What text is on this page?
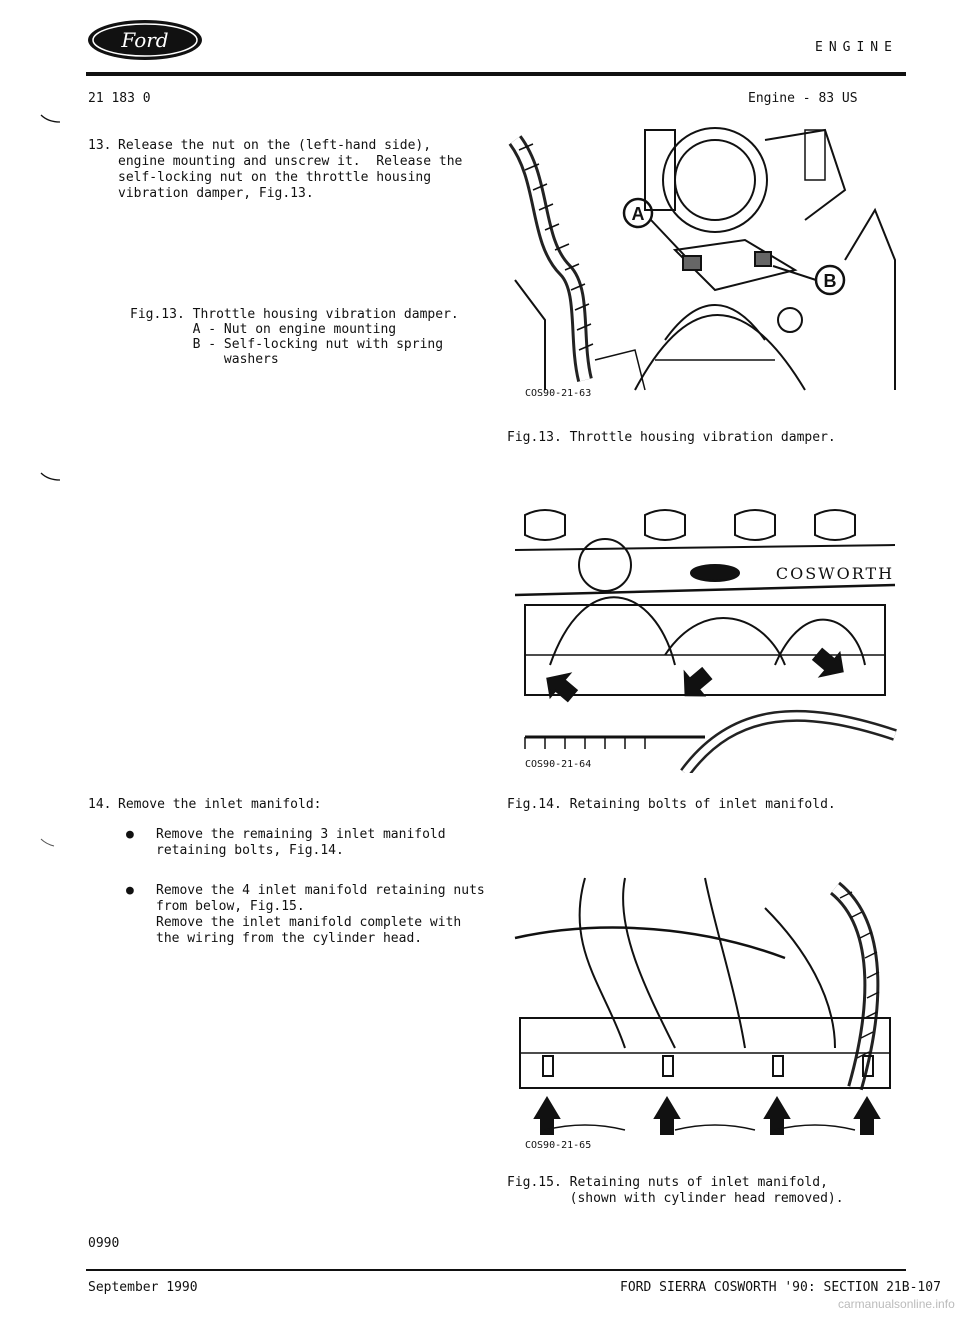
Ford	ENGINE
21 183 0	Engine - 83 US
13. Release the nut on the (left-hand side),
engine mounting and unscrew it.  Release the
self-locking nut on the throttle housing
vibration damper, Fig.13.
Fig.13. Throttle housing vibration damper.
A - Nut on engine mounting
B - Self-locking nut with spring
washers
14. Remove the inlet manifold:
● Remove the remaining 3 inlet manifold
retaining bolts, Fig.14.
● Remove the 4 inlet manifold retaining nuts
from below, Fig.15.
Remove the inlet manifold complete with
the wiring from the cylinder head.
A
B
COS90-21-63
Fig.13. Throttle housing vibration damper.
COSWORTH
COS90-21-64
Fig.14. Retaining bolts of inlet manifold.
COS90-21-65
Fig.15. Retaining nuts of inlet manifold,
(shown with cylinder head removed).
0990
September 1990	FORD SIERRA COSWORTH '90: SECTION 21B-107
carmanualsonline.info
